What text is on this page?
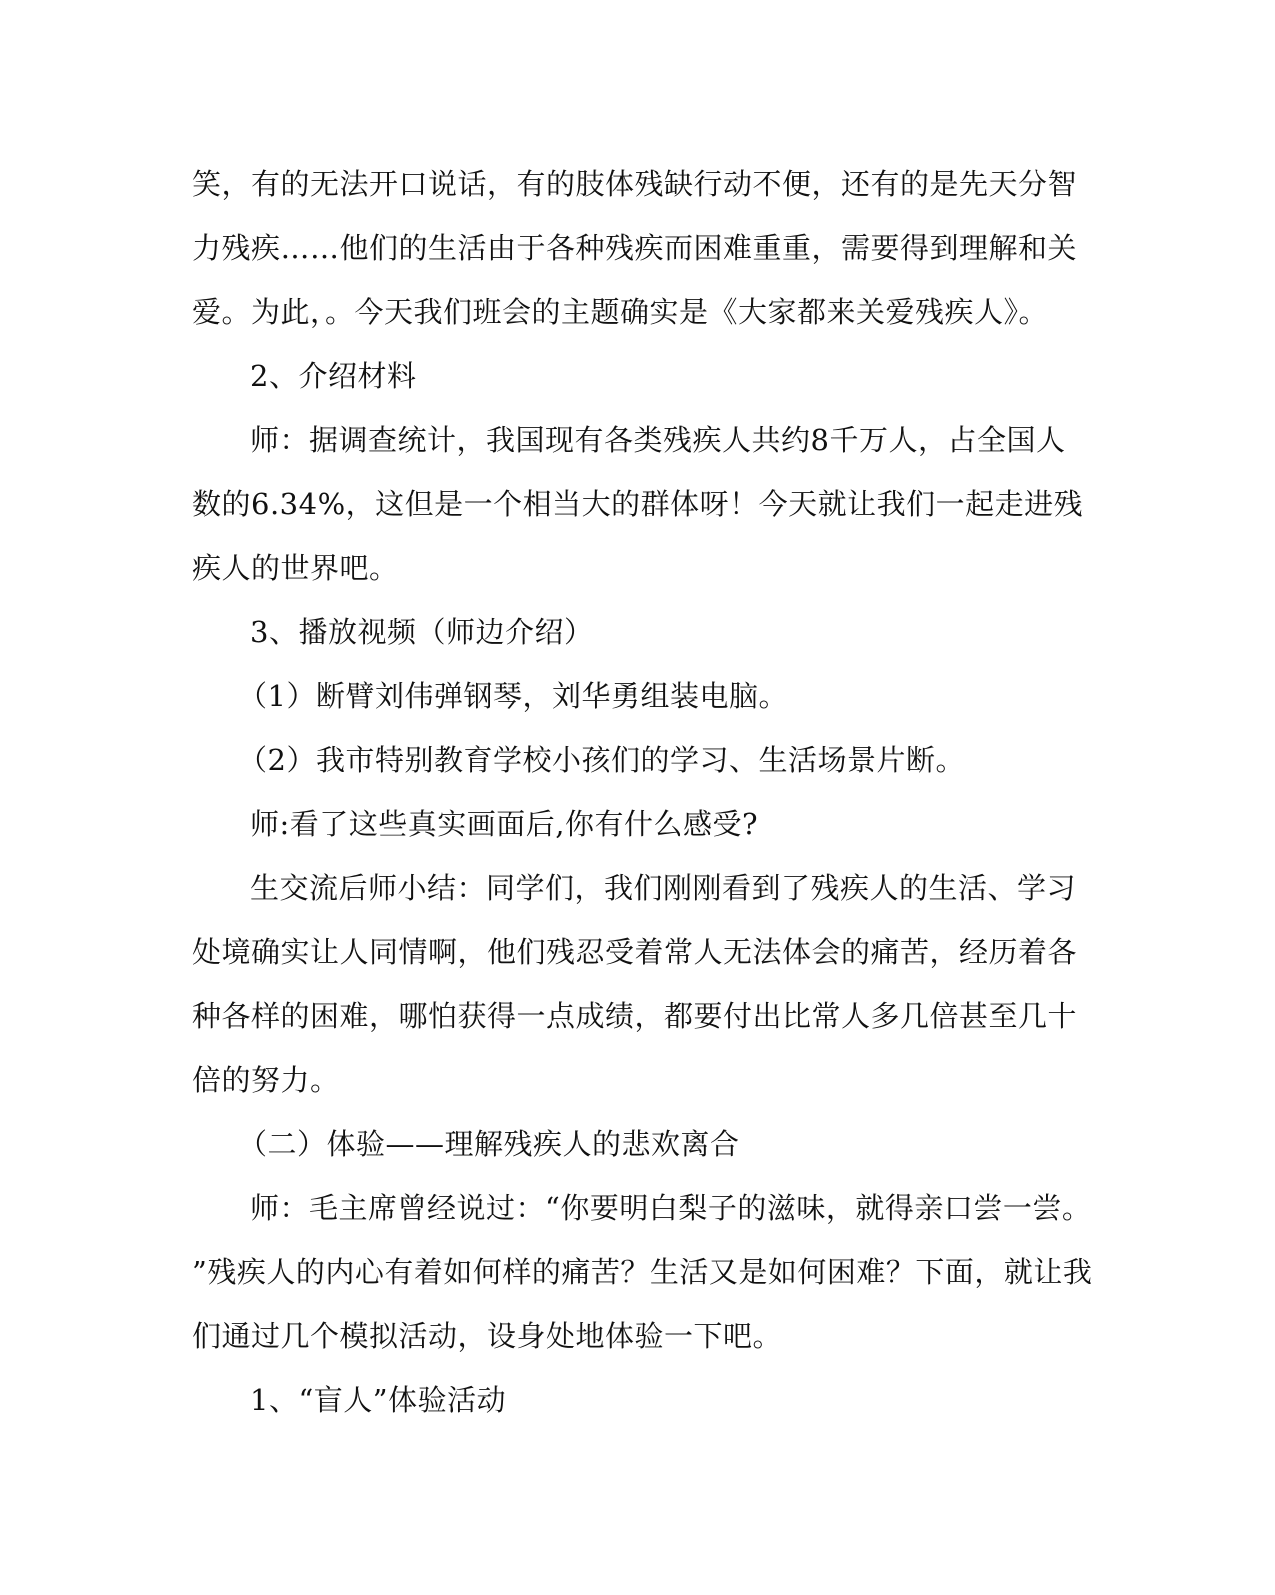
笑，有的无法开口说话，有的肢体残缺行动不便，还有的是先天分智
力残疾……他们的生活由于各种残疾而困难重重，需要得到理解和关
爱。为此，。今天我们班会的主题确实是《大家都来关爱残疾人》。
2、介绍材料
师：据调查统计，我国现有各类残疾人共约8千万人，占全国人
数的6.34%，这但是一个相当大的群体呀！今天就让我们一起走进残
疾人的世界吧。
3、播放视频（师边介绍）
（1）断臂刘伟弹钢琴，刘华勇组装电脑。
（2）我市特别教育学校小孩们的学习、生活场景片断。
师:看了这些真实画面后,你有什么感受?
生交流后师小结：同学们，我们刚刚看到了残疾人的生活、学习
处境确实让人同情啊，他们残忍受着常人无法体会的痛苦，经历着各
种各样的困难，哪怕获得一点成绩，都要付出比常人多几倍甚至几十
倍的努力。
（二）体验——理解残疾人的悲欢离合
师：毛主席曾经说过：“你要明白梨子的滋味，就得亲口尝一尝。
”残疾人的内心有着如何样的痛苦？生活又是如何困难？下面，就让我
们通过几个模拟活动，设身处地体验一下吧。
1、“盲人”体验活动
